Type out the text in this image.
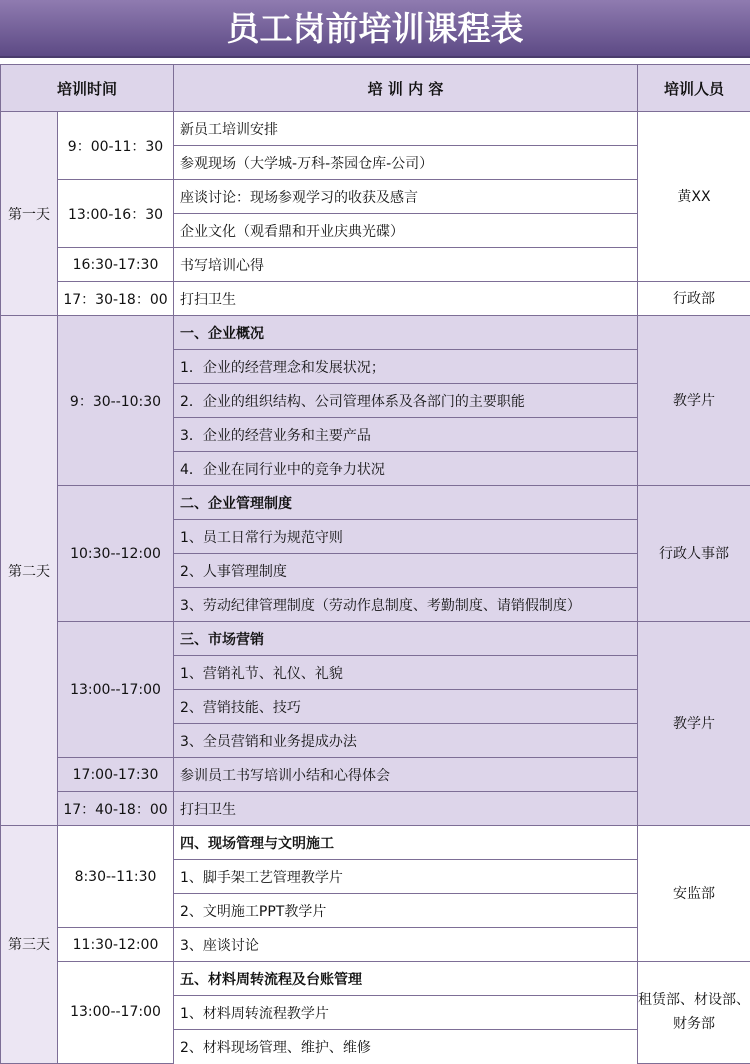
员工岗前培训课程表
培训时间		培 训 内 容	培训人员
第一天	9：00-11：30	新员工培训安排	黄XX
		参观现场（大学城-万科-茶园仓库-公司）	
	13:00-16：30	座谈讨论：现场参观学习的收获及感言	
		企业文化（观看鼎和开业庆典光碟）	
	16:30-17:30	书写培训心得	
	17：30-18：00	打扫卫生	行政部
第二天	9：30--10:30	一、企业概况	教学片
		1．企业的经营理念和发展状况；	
		2．企业的组织结构、公司管理体系及各部门的主要职能	
		3．企业的经营业务和主要产品	
		4．企业在同行业中的竞争力状况	
	10:30--12:00	二、企业管理制度	行政人事部
		1、员工日常行为规范守则	
		2、人事管理制度	
		3、劳动纪律管理制度（劳动作息制度、考勤制度、请销假制度）	
	13:00--17:00	三、市场营销	教学片
		1、营销礼节、礼仪、礼貌	
		2、营销技能、技巧	
		3、全员营销和业务提成办法	
	17:00-17:30	参训员工书写培训小结和心得体会	
	17：40-18：00	打扫卫生	
第三天	8:30--11:30	四、现场管理与文明施工	安监部
		1、脚手架工艺管理教学片	
		2、文明施工PPT教学片	
	11:30-12:00	3、座谈讨论	
	13:00--17:00	五、材料周转流程及台账管理	租赁部、材设部、财务部
		1、材料周转流程教学片	
		2、材料现场管理、维护、维修	
